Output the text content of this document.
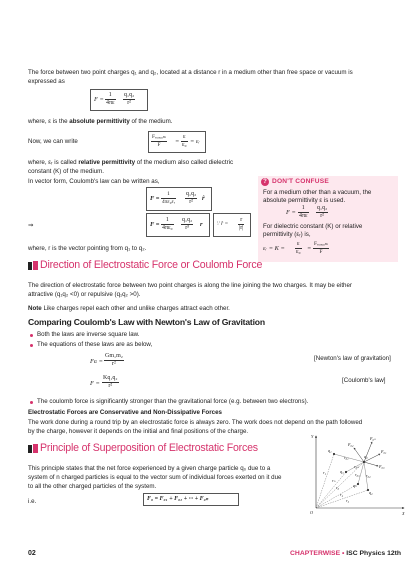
The force between two point charges q₁ and q₂, located at a distance r in a medium other than free space or vacuum is
expressed as
$F = \frac{1}{4\pi\varepsilon} \frac{\text{q₁q₂}}{\text{r²}}$
where, ε is the absolute permittivity of the medium.
Now, we can write
Fᵥₐₒᵤᵤₘ
F	= $\frac{\varepsilon}{\text{ε₀}}$ = εᵣ
where, εᵣ is called relative permittivity of the medium also called dielectric
constant (K) of the medium.
In vector form, Coulomb's law can be written as,
$F = \frac{1}{\text{4πε₀εᵣ}} \frac{\text{q₁q₂}}{\text{r²}}$ r̂
⇒	$F = \frac{1}{\text{4πε₀}} \frac{\text{q₁q₂}}{\text{r³}}$ r ∵ r̂ = $\frac{r}{|r|}$
where, r is the vector pointing from q₁ to q₂.
? DON'T CONFUSE
For a medium other than a vacuum, the
absolute permittivity ε is used.
$F = \frac{1}{4\pi\varepsilon} \frac{\text{q₁q₂}}{\text{r²}}$
For dielectric constant (K) or relative
permittivity (εᵣ) is,
εᵣ = $K = \frac{\varepsilon}{\text{ε₀}}$ =
Fᵥₐₒᵤᵤₘ
F
Direction of Electrostatic Force or Coulomb Force
The direction of electrostatic force between two point charges is along the line joining the two charges. It may be either
attractive (q₁q₂ <0) or repulsive (q₁q₂ >0).
Note Like charges repel each other and unlike charges attract each other.
Comparing Coulomb's Law with Newton's Law of Gravitation
Both the laws are inverse square law.
The equations of these laws are as below,
Fɢ = $\frac{\text{Gm₁m₂}}{\text{r²}}$	[Newton's law of gravitation]
$F = \frac{\text{Kq₁q₂}}{\text{r²}}$	[Coulomb's law]
The coulomb force is significantly stronger than the gravitational force (e.g. between two electrons).
Electrostatic Forces are Conservative and Non-Dissipative Forces
The work done during a round trip by an electrostatic force is always zero. The work does not depend on the path followed
by the charge, however it depends on the initial and final positions of the charge.
Principle of Superposition of Electrostatic Forces
This principle states that the net force experienced by a given charge particle q₀ due to a
system of n charged particles is equal to the vector sum of individual forces exerted on it due
to all the other charged particles of the system.
i.e.	F₀ = F₀₁ + F₀₂ + ··· + F₀ₙ
Y
X
O
F₀ₙ
F₀₂
F₀₁
F₀₃
q₀
q₁
q₃
qₙ
q₂
r₀₁
r₀ₙ
r₀₂
r₀₃
r₁
rₙ
r₀
r₂
r₃
02	CHAPTERWISE • ISC Physics 12th
